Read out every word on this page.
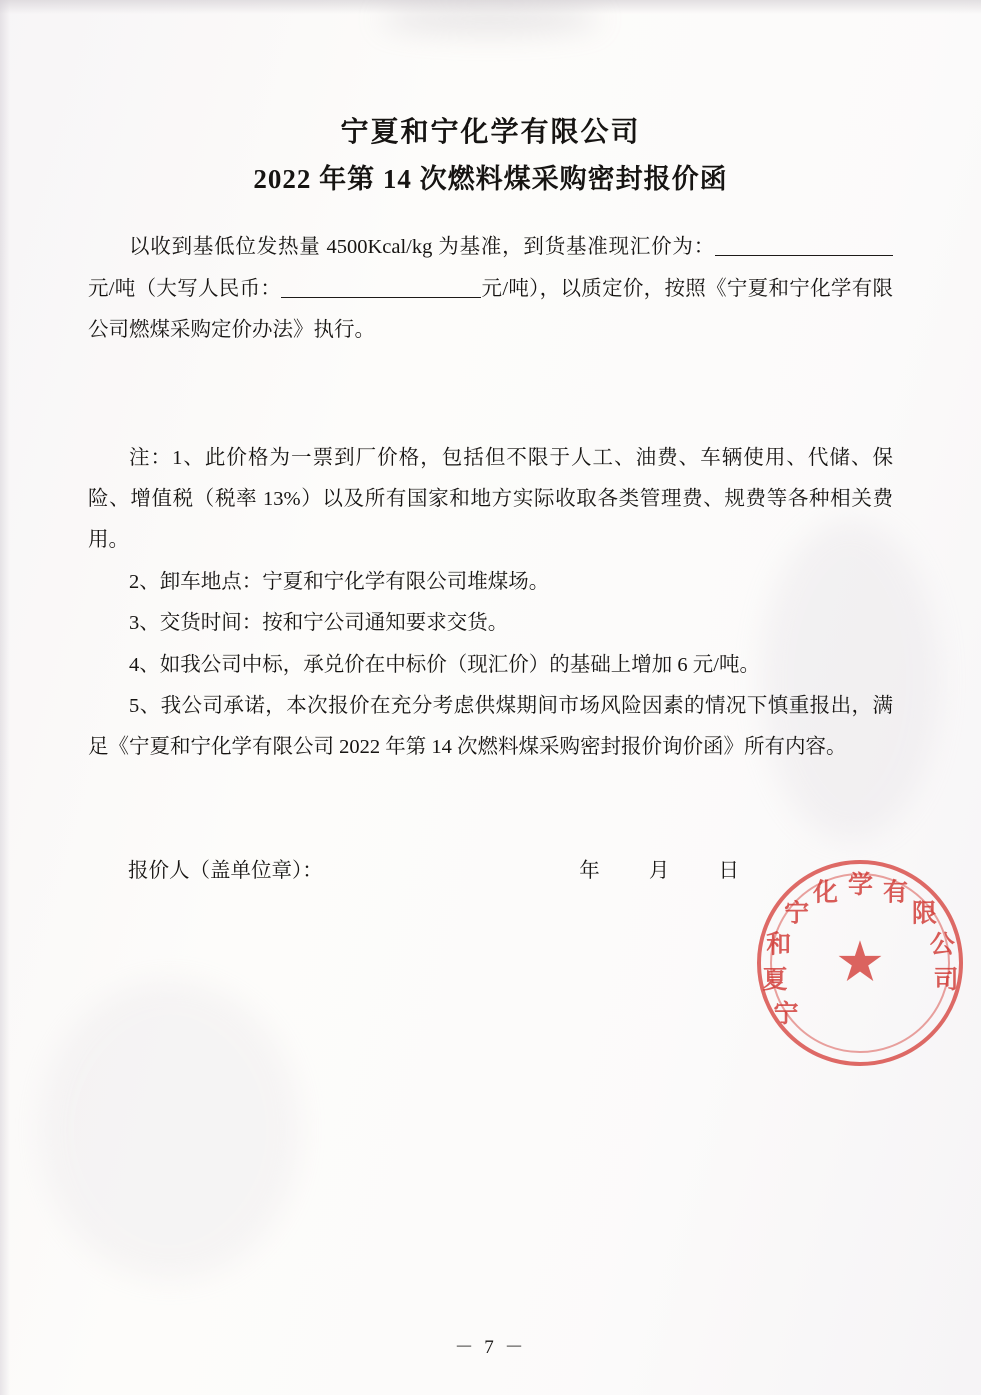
宁夏和宁化学有限公司
2022 年第 14 次燃料煤采购密封报价函

以收到基低位发热量 4500Kcal/kg 为基准，到货基准现汇价为：元/吨（大写人民币：	元/吨），以质定价，按照《宁夏和宁化学有限公司燃煤采购定价办法》执行。

注：1、此价格为一票到厂价格，包括但不限于人工、油费、车辆使用、代储、保险、增值税（税率 13%）以及所有国家和地方实际收取各类管理费、规费等各种相关费用。

2、卸车地点：宁夏和宁化学有限公司堆煤场。

3、交货时间：按和宁公司通知要求交货。

4、如我公司中标，承兑价在中标价（现汇价）的基础上增加 6 元/吨。

5、我公司承诺，本次报价在充分考虑供煤期间市场风险因素的情况下慎重报出，满足《宁夏和宁化学有限公司 2022 年第 14 次燃料煤采购密封报价询价函》所有内容。

报价人（盖单位章）：	年 月 日
－ 7 －
★
宁
夏
和
宁
化 学 有
限
公
司
